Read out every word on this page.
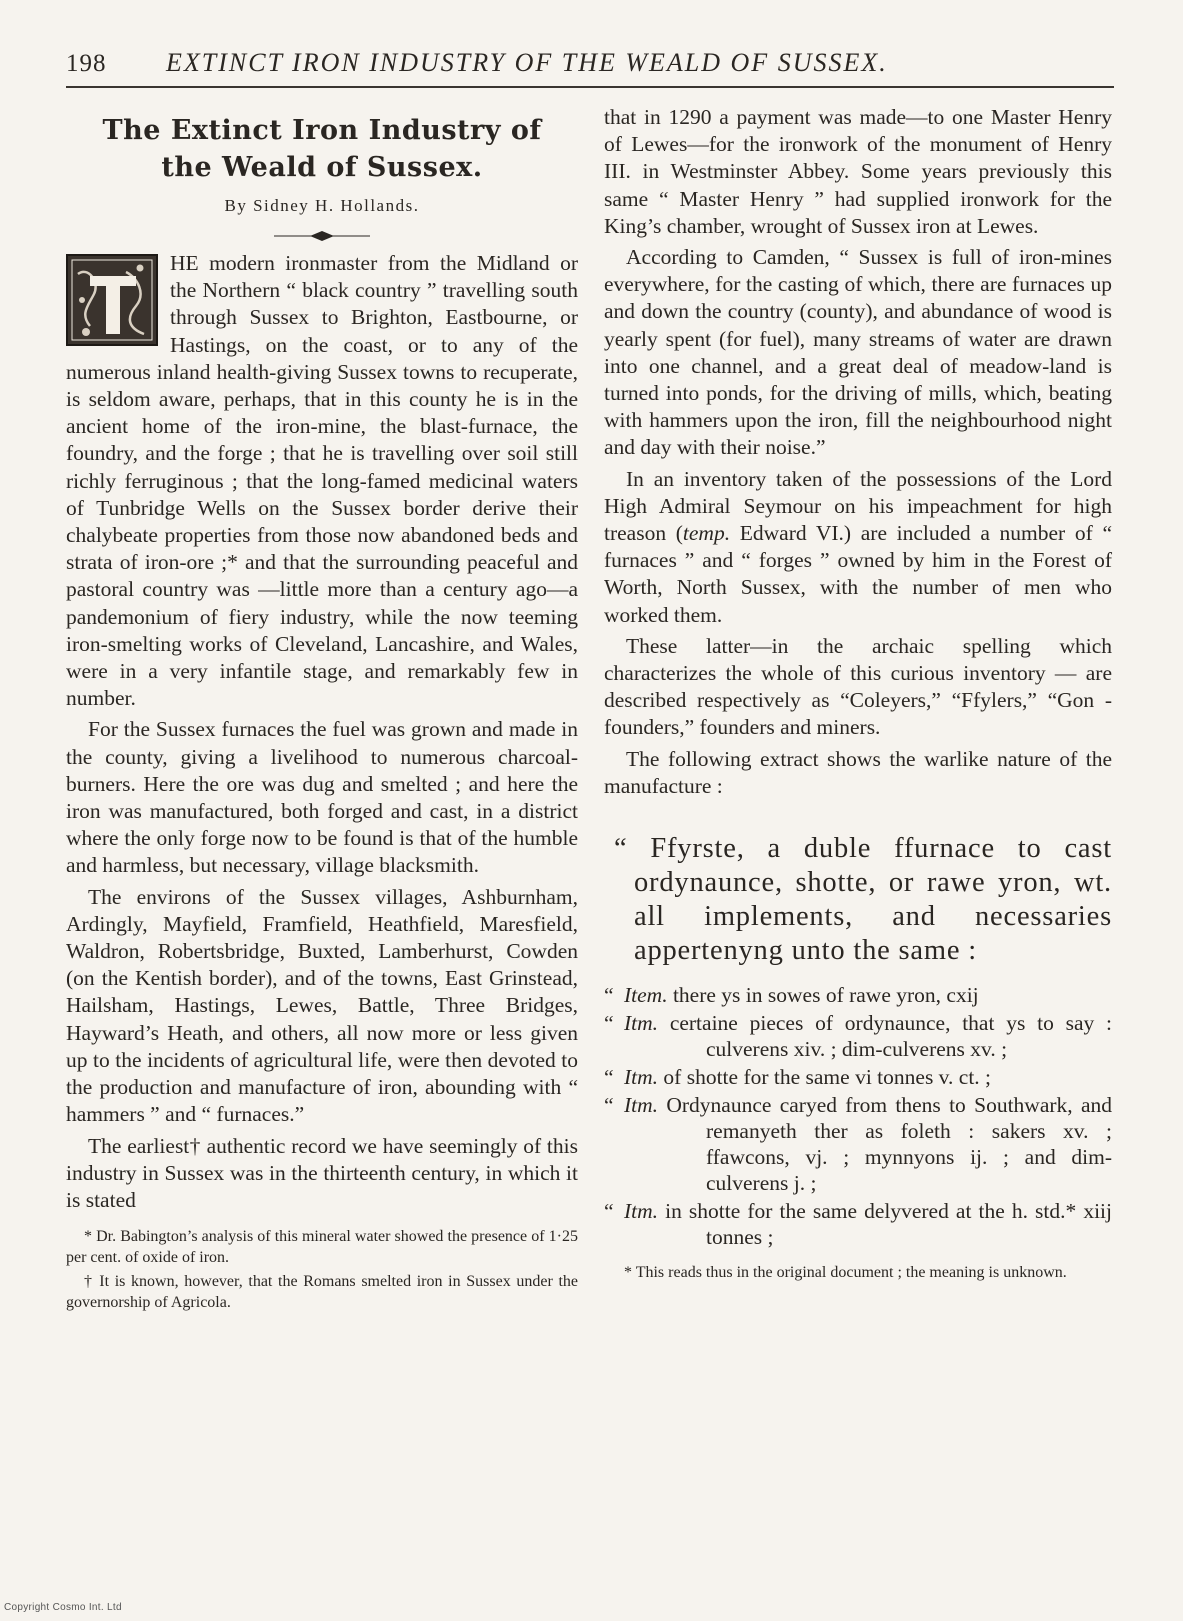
198 EXTINCT IRON INDUSTRY OF THE WEALD OF SUSSEX.
The Extinct Iron Industry of
the Weald of Sussex.
By Sidney H. Hollands.

HE modern ironmaster from the Midland or the Northern “ black country ” travelling south through Sussex to Brighton, Eastbourne, or Hastings, on the coast, or to any of the numerous inland health-giving Sussex towns to recuperate, is seldom aware, perhaps, that in this county he is in the ancient home of the iron-mine, the blast-furnace, the foundry, and the forge ; that he is travelling over soil still richly ferruginous ; that the long-famed medicinal waters of Tunbridge Wells on the Sussex border derive their chalybeate properties from those now abandoned beds and strata of iron-ore ;* and that the surrounding peaceful and pastoral country was —little more than a century ago—a pandemonium of fiery industry, while the now teeming iron-smelting works of Cleveland, Lancashire, and Wales, were in a very infantile stage, and remarkably few in number.

For the Sussex furnaces the fuel was grown and made in the county, giving a livelihood to numerous charcoal-burners. Here the ore was dug and smelted ; and here the iron was manufactured, both forged and cast, in a district where the only forge now to be found is that of the humble and harmless, but necessary, village blacksmith.

The environs of the Sussex villages, Ashburnham, Ardingly, Mayfield, Framfield, Heathfield, Maresfield, Waldron, Robertsbridge, Buxted, Lamberhurst, Cowden (on the Kentish border), and of the towns, East Grinstead, Hailsham, Hastings, Lewes, Battle, Three Bridges, Hayward’s Heath, and others, all now more or less given up to the incidents of agricultural life, were then devoted to the production and manufacture of iron, abounding with “ hammers ” and “ furnaces.”

The earliest† authentic record we have seemingly of this industry in Sussex was in the thirteenth century, in which it is stated

* Dr. Babington’s analysis of this mineral water showed the presence of 1·25 per cent. of oxide of iron.

† It is known, however, that the Romans smelted iron in Sussex under the governorship of Agricola.

that in 1290 a payment was made—to one Master Henry of Lewes—for the ironwork of the monument of Henry III. in Westminster Abbey. Some years previously this same “ Master Henry ” had supplied ironwork for the King’s chamber, wrought of Sussex iron at Lewes.

According to Camden, “ Sussex is full of iron-mines everywhere, for the casting of which, there are furnaces up and down the country (county), and abundance of wood is yearly spent (for fuel), many streams of water are drawn into one channel, and a great deal of meadow-land is turned into ponds, for the driving of mills, which, beating with hammers upon the iron, fill the neighbourhood night and day with their noise.”

In an inventory taken of the possessions of the Lord High Admiral Seymour on his impeachment for high treason (temp. Edward VI.) are included a number of “ furnaces ” and “ forges ” owned by him in the Forest of Worth, North Sussex, with the number of men who worked them.

These latter—in the archaic spelling which characterizes the whole of this curious inventory — are described respectively as “Coleyers,” “Ffylers,” “Gon - founders,” founders and miners.

The following extract shows the warlike nature of the manufacture :

“ Ffyrste, a duble ffurnace to cast ordynaunce, shotte, or rawe yron, wt. all implements, and necessaries appertenyng unto the same :
“ Item. there ys in sowes of rawe yron, cxij
“ Itm. certaine pieces of ordynaunce, that ys to say : culverens xiv. ; dim-culverens xv. ;
“ Itm. of shotte for the same vi tonnes v. ct. ;
“ Itm. Ordynaunce caryed from thens to Southwark, and remanyeth ther as foleth : sakers xv. ; ffawcons, vj. ; mynnyons ij. ; and dim-culverens j. ;
“ Itm. in shotte for the same delyvered at the h. std.* xiij tonnes ;

* This reads thus in the original document ; the meaning is unknown.

Copyright Cosmo Int. Ltd
